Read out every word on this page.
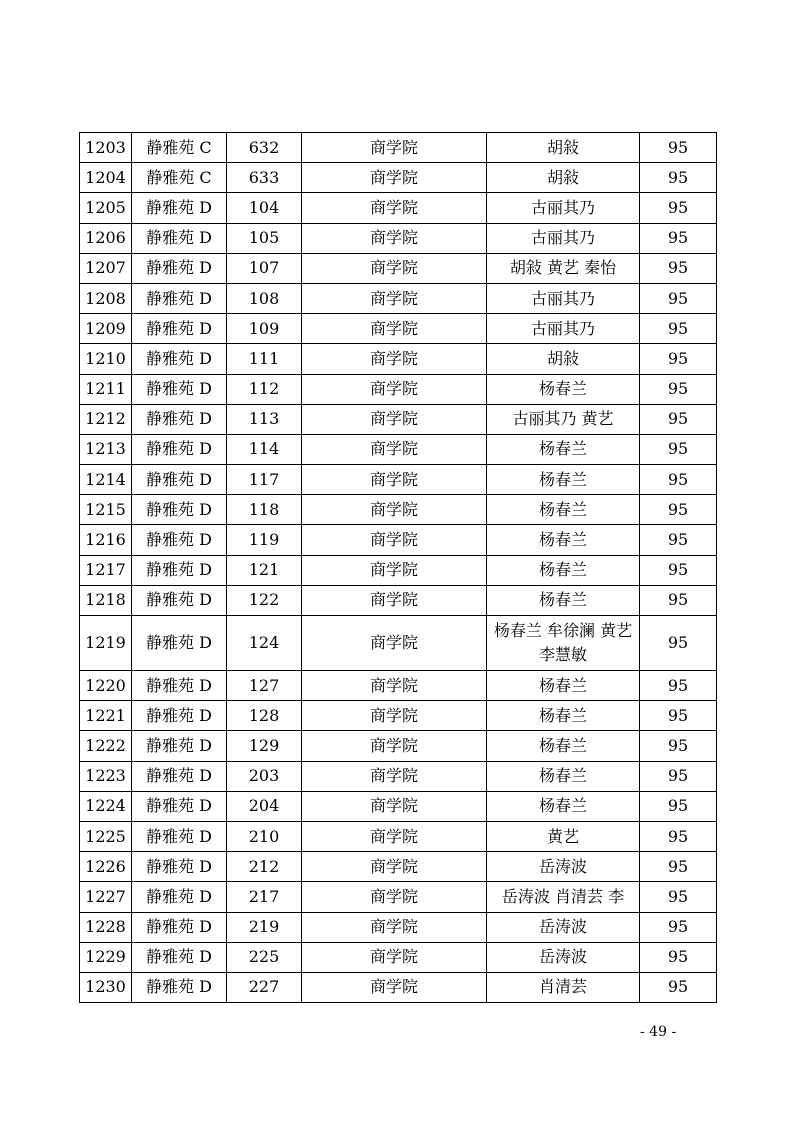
1203	静雅苑 C	632	商学院	胡敍	95
1204	静雅苑 C	633	商学院	胡敍	95
1205	静雅苑 D	104	商学院	古丽其乃	95
1206	静雅苑 D	105	商学院	古丽其乃	95
1207	静雅苑 D	107	商学院	胡敍 黄艺 秦怡	95
1208	静雅苑 D	108	商学院	古丽其乃	95
1209	静雅苑 D	109	商学院	古丽其乃	95
1210	静雅苑 D	111	商学院	胡敍	95
1211	静雅苑 D	112	商学院	杨春兰	95
1212	静雅苑 D	113	商学院	古丽其乃 黄艺	95
1213	静雅苑 D	114	商学院	杨春兰	95
1214	静雅苑 D	117	商学院	杨春兰	95
1215	静雅苑 D	118	商学院	杨春兰	95
1216	静雅苑 D	119	商学院	杨春兰	95
1217	静雅苑 D	121	商学院	杨春兰	95
1218	静雅苑 D	122	商学院	杨春兰	95
1219	静雅苑 D	124	商学院	杨春兰 牟徐澜 黄艺 李慧敏	95
1220	静雅苑 D	127	商学院	杨春兰	95
1221	静雅苑 D	128	商学院	杨春兰	95
1222	静雅苑 D	129	商学院	杨春兰	95
1223	静雅苑 D	203	商学院	杨春兰	95
1224	静雅苑 D	204	商学院	杨春兰	95
1225	静雅苑 D	210	商学院	黄艺	95
1226	静雅苑 D	212	商学院	岳涛波	95
1227	静雅苑 D	217	商学院	岳涛波 肖清芸 李	95
1228	静雅苑 D	219	商学院	岳涛波	95
1229	静雅苑 D	225	商学院	岳涛波	95
1230	静雅苑 D	227	商学院	肖清芸	95
- 49 -
